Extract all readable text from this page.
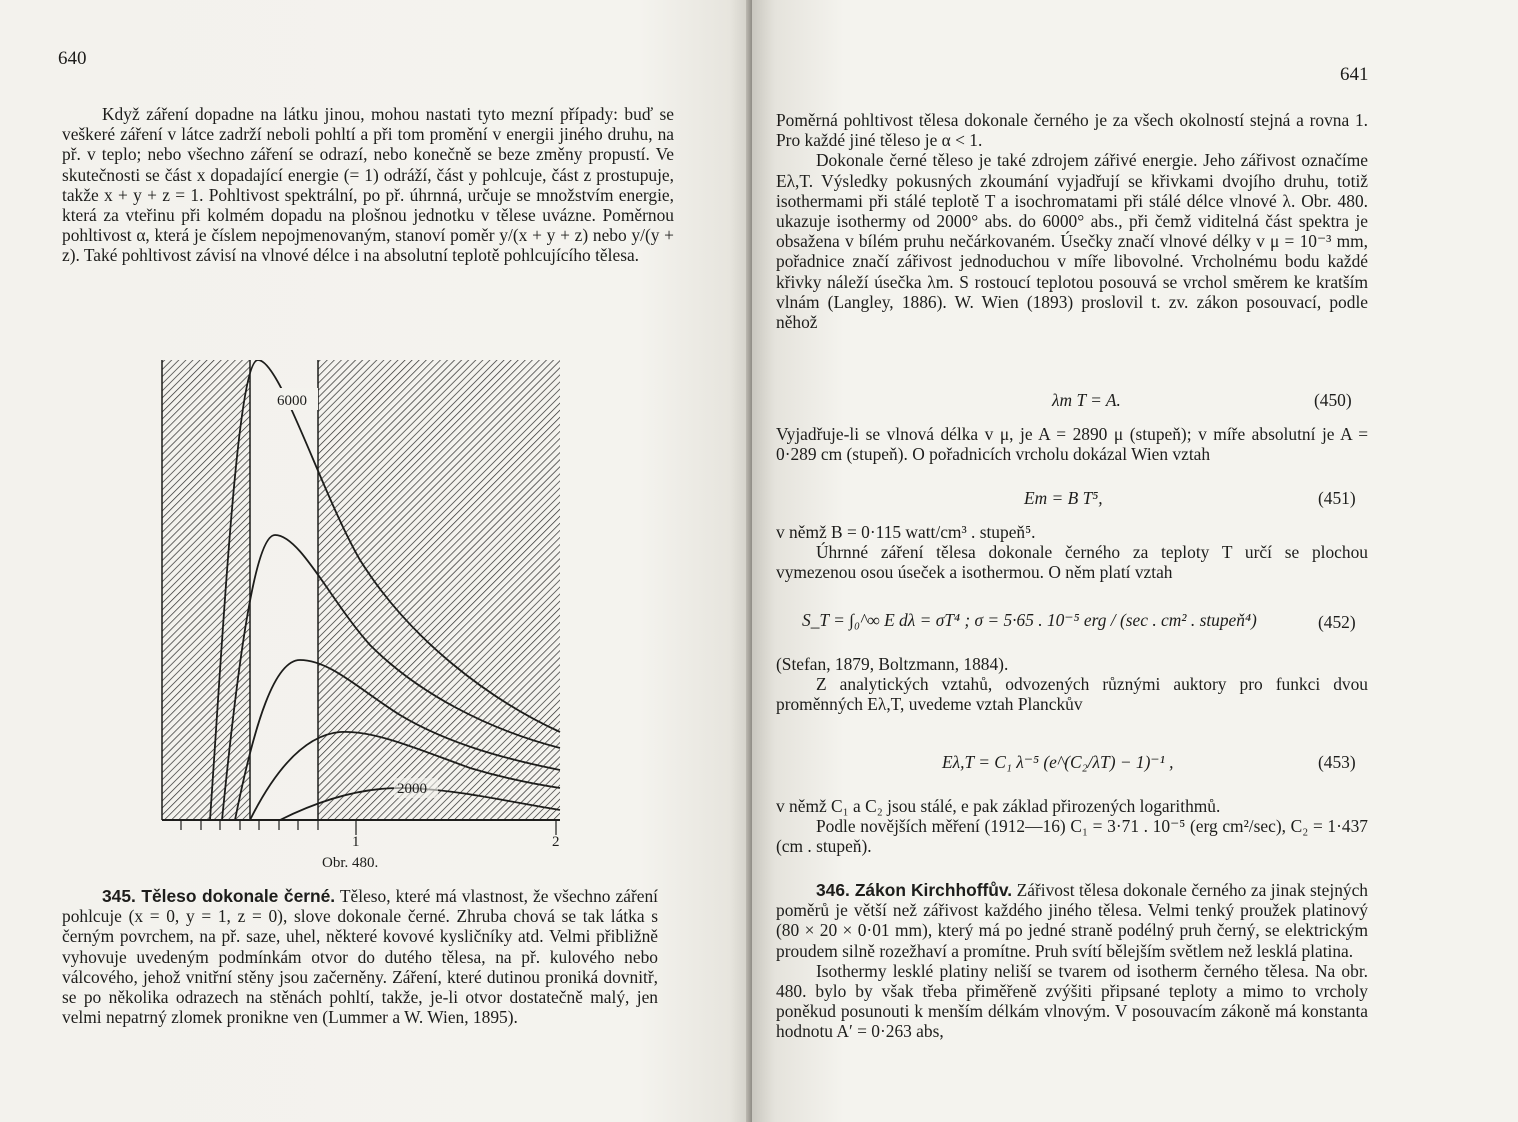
640

Když záření dopadne na látku jinou, mohou nastati tyto mezní případy: buď se veškeré záření v látce zadrží neboli pohltí a při tom promění v energii jiného druhu, na př. v teplo; nebo všechno záření se odrazí, nebo konečně se beze změny propustí. Ve skutečnosti se část x dopadající energie (= 1) odráží, část y pohlcuje, část z prostupuje, takže x + y + z = 1. Pohltivost spektrální, po př. úhrnná, určuje se množstvím energie, která za vteřinu při kolmém dopadu na plošnou jednotku v tělese uvázne. Poměrnou pohltivost α, která je číslem nepojmenovaným, stanoví poměr y/(x + y + z) nebo y/(y + z). Také pohltivost závisí na vlnové délce i na absolutní teplotě pohlcujícího tělesa.

6000
2000
1	2
Obr. 480.

345. Těleso dokonale černé. Těleso, které má vlastnost, že všechno záření pohlcuje (x = 0, y = 1, z = 0), slove dokonale černé. Zhruba chová se tak látka s černým povrchem, na př. saze, uhel, některé kovové kysličníky atd. Velmi přibližně vyhovuje uvedeným podmínkám otvor do dutého tělesa, na př. kulového nebo válcového, jehož vnitřní stěny jsou začerněny. Záření, které dutinou proniká dovnitř, se po několika odrazech na stěnách pohltí, takže, je-li otvor dostatečně malý, jen velmi nepatrný zlomek pronikne ven (Lummer a W. Wien, 1895).

641

Poměrná pohltivost tělesa dokonale černého je za všech okolností stejná a rovna 1. Pro každé jiné těleso je α < 1.

Dokonale černé těleso je také zdrojem zářivé energie. Jeho zářivost označíme Eλ,T. Výsledky pokusných zkoumání vyjadřují se křivkami dvojího druhu, totiž isothermami při stálé teplotě T a isochromatami při stálé délce vlnové λ. Obr. 480. ukazuje isothermy od 2000° abs. do 6000° abs., při čemž viditelná část spektra je obsažena v bílém pruhu nečárkovaném. Úsečky značí vlnové délky v μ = 10⁻³ mm, pořadnice značí zářivost jednoduchou v míře libovolné. Vrcholnému bodu každé křivky náleží úsečka λm. S rostoucí teplotou posouvá se vrchol směrem ke kratším vlnám (Langley, 1886). W. Wien (1893) proslovil t. zv. zákon posouvací, podle něhož

λm T = A.	(450)

Vyjadřuje-li se vlnová délka v μ, je A = 2890 μ (stupeň); v míře absolutní je A = 0·289 cm (stupeň). O pořadnicích vrcholu dokázal Wien vztah

Em = B T⁵,	(451)

v němž B = 0·115 watt/cm³ . stupeň⁵.

Úhrnné záření tělesa dokonale černého za teploty T určí se plochou vymezenou osou úseček a isothermou. O něm platí vztah

S_T = ∫₀^∞ E dλ = σT⁴ ; σ = 5·65 . 10⁻⁵ erg / (sec . cm² . stupeň⁴)	(452)

(Stefan, 1879, Boltzmann, 1884).

Z analytických vztahů, odvozených různými auktory pro funkci dvou proměnných Eλ,T, uvedeme vztah Planckův

Eλ,T = C₁ λ⁻⁵ (e^(C₂/λT) − 1)⁻¹ ,	(453)

v němž C₁ a C₂ jsou stálé, e pak základ přirozených logarithmů.

Podle novějších měření (1912—16) C₁ = 3·71 . 10⁻⁵ (erg cm²/sec), C₂ = 1·437 (cm . stupeň).

346. Zákon Kirchhoffův. Zářivost tělesa dokonale černého za jinak stejných poměrů je větší než zářivost každého jiného tělesa. Velmi tenký proužek platinový (80 × 20 × 0·01 mm), který má po jedné straně podélný pruh černý, se elektrickým proudem silně rozežhaví a promítne. Pruh svítí bělejším světlem než lesklá platina.

Isothermy lesklé platiny neliší se tvarem od isotherm černého tělesa. Na obr. 480. bylo by však třeba přiměřeně zvýšiti připsané teploty a mimo to vrcholy poněkud posunouti k menším délkám vlnovým. V posouvacím zákoně má konstanta hodnotu A′ = 0·263 abs,
